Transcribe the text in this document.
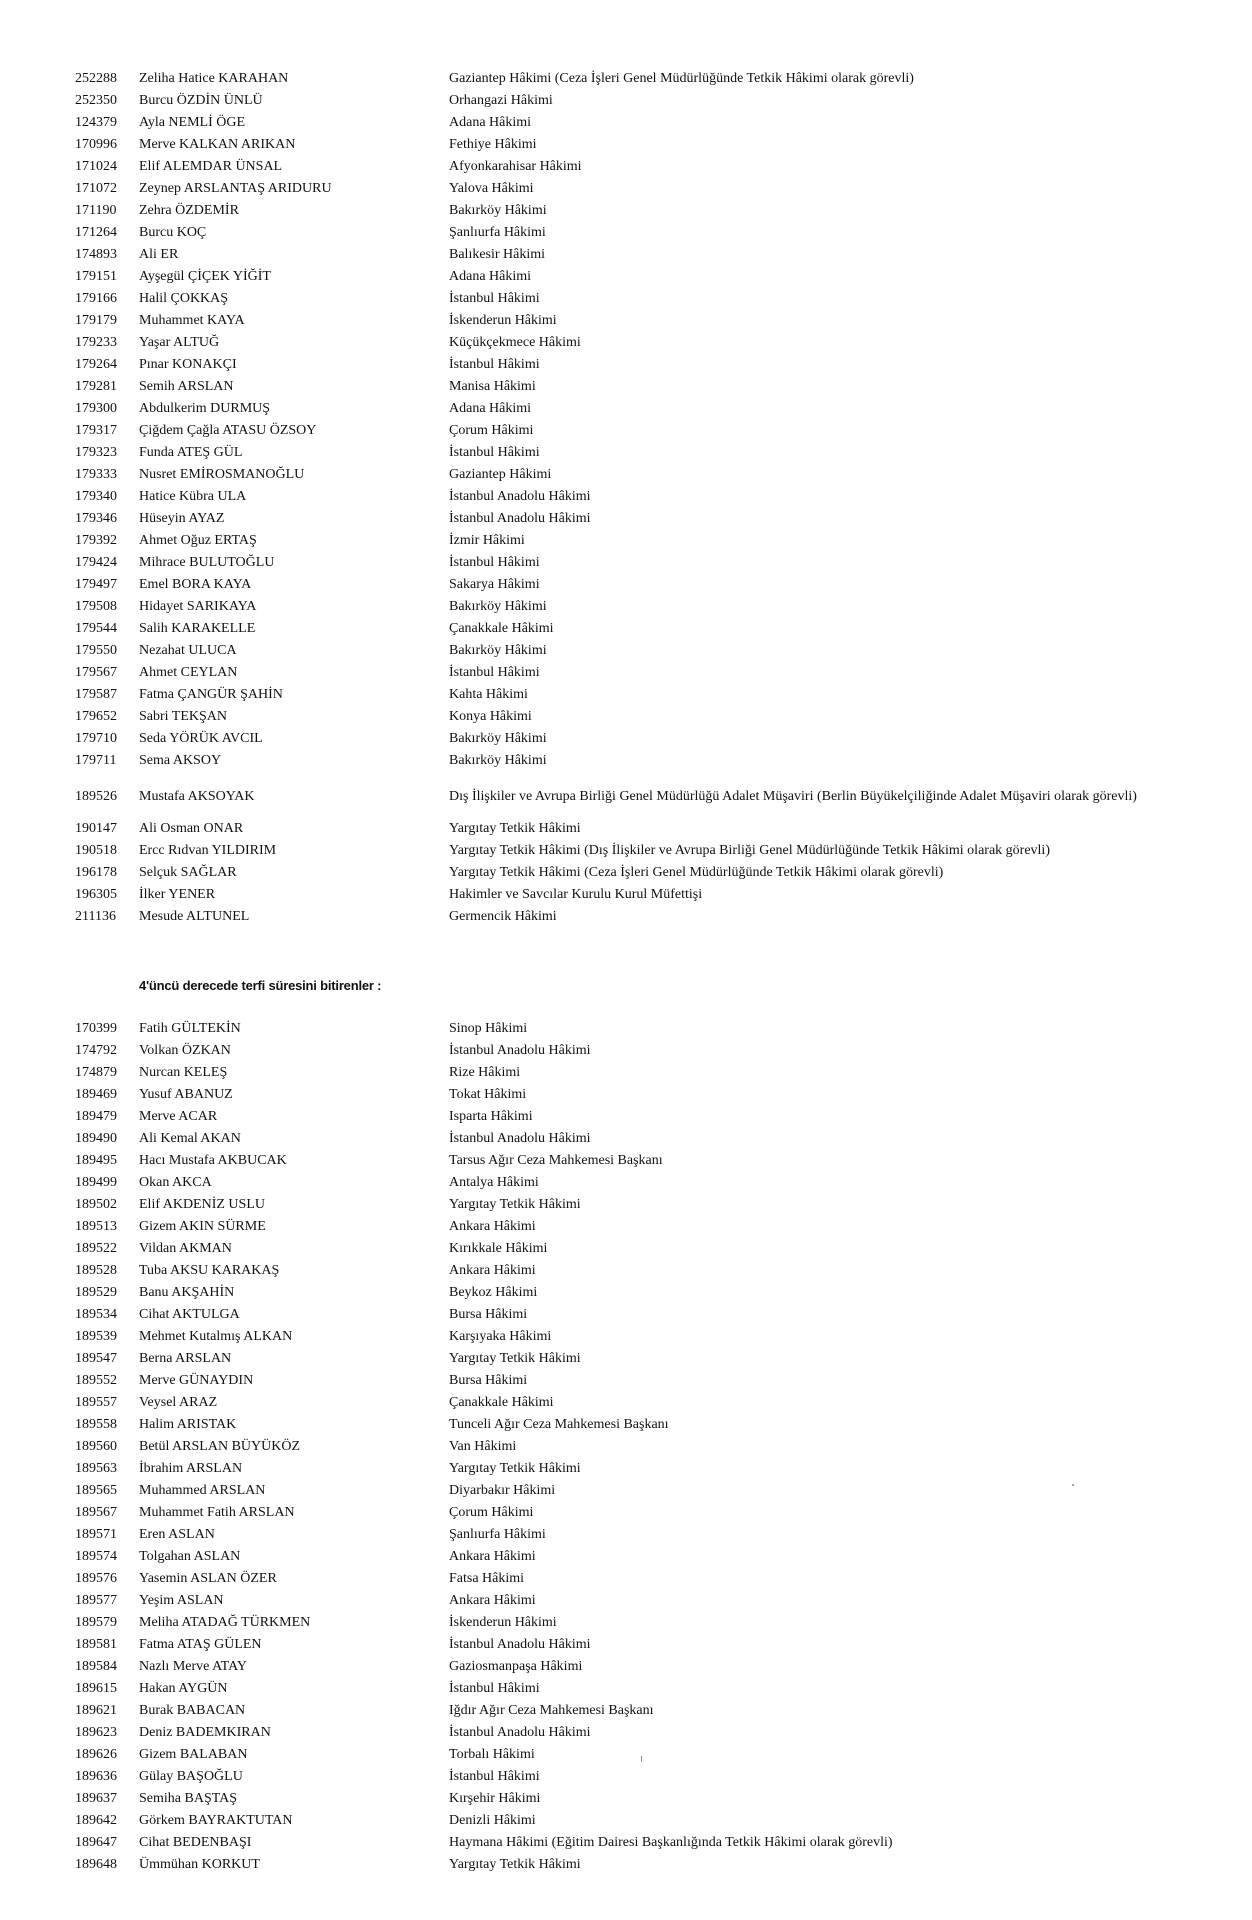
252288	Zeliha Hatice KARAHAN	Gaziantep Hâkimi (Ceza İşleri Genel Müdürlüğünde Tetkik Hâkimi olarak görevli)
252350	Burcu ÖZDİN ÜNLÜ	Orhangazi Hâkimi
124379	Ayla NEMLİ ÖGE	Adana Hâkimi
170996	Merve KALKAN ARIKAN	Fethiye Hâkimi
171024	Elif ALEMDAR ÜNSAL	Afyonkarahisar Hâkimi
171072	Zeynep ARSLANTAŞ ARIDURU	Yalova Hâkimi
171190	Zehra ÖZDEMİR	Bakırköy Hâkimi
171264	Burcu KOÇ	Şanlıurfa Hâkimi
174893	Ali ER	Balıkesir Hâkimi
179151	Ayşegül ÇİÇEK YİĞİT	Adana Hâkimi
179166	Halil ÇOKKAŞ	İstanbul Hâkimi
179179	Muhammet KAYA	İskenderun Hâkimi
179233	Yaşar ALTUĞ	Küçükçekmece Hâkimi
179264	Pınar KONAKÇI	İstanbul Hâkimi
179281	Semih ARSLAN	Manisa Hâkimi
179300	Abdulkerim DURMUŞ	Adana Hâkimi
179317	Çiğdem Çağla ATASU ÖZSOY	Çorum Hâkimi
179323	Funda ATEŞ GÜL	İstanbul Hâkimi
179333	Nusret EMİROSMANOĞLU	Gaziantep Hâkimi
179340	Hatice Kübra ULA	İstanbul Anadolu Hâkimi
179346	Hüseyin AYAZ	İstanbul Anadolu Hâkimi
179392	Ahmet Oğuz ERTAŞ	İzmir Hâkimi
179424	Mihrace BULUTOĞLU	İstanbul Hâkimi
179497	Emel BORA KAYA	Sakarya Hâkimi
179508	Hidayet SARIKAYA	Bakırköy Hâkimi
179544	Salih KARAKELLE	Çanakkale Hâkimi
179550	Nezahat ULUCA	Bakırköy Hâkimi
179567	Ahmet CEYLAN	İstanbul Hâkimi
179587	Fatma ÇANGÜR ŞAHİN	Kahta Hâkimi
179652	Sabri TEKŞAN	Konya Hâkimi
179710	Seda YÖRÜK AVCIL	Bakırköy Hâkimi
179711	Sema AKSOY	Bakırköy Hâkimi
189526	Mustafa AKSOYAK	Dış İlişkiler ve Avrupa Birliği Genel Müdürlüğü Adalet Müşaviri (Berlin Büyükelçiliğinde Adalet Müşaviri olarak görevli)
190147	Ali Osman ONAR	Yargıtay Tetkik Hâkimi
190518	Ercc Rıdvan YILDIRIM	Yargıtay Tetkik Hâkimi (Dış İlişkiler ve Avrupa Birliği Genel Müdürlüğünde Tetkik Hâkimi olarak görevli)
196178	Selçuk SAĞLAR	Yargıtay Tetkik Hâkimi (Ceza İşleri Genel Müdürlüğünde Tetkik Hâkimi olarak görevli)
196305	İlker YENER	Hakimler ve Savcılar Kurulu Kurul Müfettişi
211136	Mesude ALTUNEL	Germencik Hâkimi
4'üncü derecede terfi süresini bitirenler :
170399	Fatih GÜLTEKİN	Sinop Hâkimi
174792	Volkan ÖZKAN	İstanbul Anadolu Hâkimi
174879	Nurcan KELEŞ	Rize Hâkimi
189469	Yusuf ABANUZ	Tokat Hâkimi
189479	Merve ACAR	Isparta Hâkimi
189490	Ali Kemal AKAN	İstanbul Anadolu Hâkimi
189495	Hacı Mustafa AKBUCAK	Tarsus Ağır Ceza Mahkemesi Başkanı
189499	Okan AKCA	Antalya Hâkimi
189502	Elif AKDENİZ USLU	Yargıtay Tetkik Hâkimi
189513	Gizem AKIN SÜRME	Ankara Hâkimi
189522	Vildan AKMAN	Kırıkkale Hâkimi
189528	Tuba AKSU KARAKAŞ	Ankara Hâkimi
189529	Banu AKŞAHİN	Beykoz Hâkimi
189534	Cihat AKTULGA	Bursa Hâkimi
189539	Mehmet Kutalmış ALKAN	Karşıyaka Hâkimi
189547	Berna ARSLAN	Yargıtay Tetkik Hâkimi
189552	Merve GÜNAYDIN	Bursa Hâkimi
189557	Veysel ARAZ	Çanakkale Hâkimi
189558	Halim ARISTAK	Tunceli Ağır Ceza Mahkemesi Başkanı
189560	Betül ARSLAN BÜYÜKÖZ	Van Hâkimi
189563	İbrahim ARSLAN	Yargıtay Tetkik Hâkimi
189565	Muhammed ARSLAN	Diyarbakır Hâkimi
189567	Muhammet Fatih ARSLAN	Çorum Hâkimi
189571	Eren ASLAN	Şanlıurfa Hâkimi
189574	Tolgahan ASLAN	Ankara Hâkimi
189576	Yasemin ASLAN ÖZER	Fatsa Hâkimi
189577	Yeşim ASLAN	Ankara Hâkimi
189579	Meliha ATADAĞ TÜRKMEN	İskenderun Hâkimi
189581	Fatma ATAŞ GÜLEN	İstanbul Anadolu Hâkimi
189584	Nazlı Merve ATAY	Gaziosmanpaşa Hâkimi
189615	Hakan AYGÜN	İstanbul Hâkimi
189621	Burak BABACAN	Iğdır Ağır Ceza Mahkemesi Başkanı
189623	Deniz BADEMKIRAN	İstanbul Anadolu Hâkimi
189626	Gizem BALABAN	Torbalı Hâkimi
189636	Gülay BAŞOĞLU	İstanbul Hâkimi
189637	Semiha BAŞTAŞ	Kırşehir Hâkimi
189642	Görkem BAYRAKTUTAN	Denizli Hâkimi
189647	Cihat BEDENBAŞI	Haymana Hâkimi (Eğitim Dairesi Başkanlığında Tetkik Hâkimi olarak görevli)
189648	Ümmühan KORKUT	Yargıtay Tetkik Hâkimi
